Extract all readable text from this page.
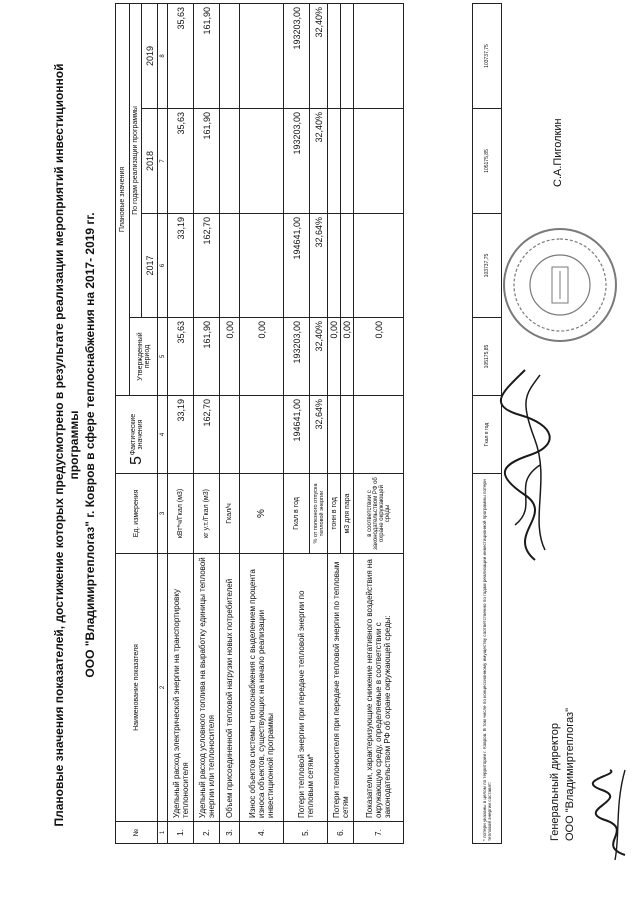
5
Плановые значения показателей, достижение которых предусмотрено в результате реализации мероприятий инвестиционной программы ООО "Владимиртеплогаз" г. Ковров в сфере теплоснабжения на 2017- 2019 гг.
№	Наименование показателя	Ед. измерения	Фактические значения	Плановые значения			
				Утвержденный период	По годам реализации программы		
					2017	2018	2019
1	2	3	4	5	6	7	8
1.	Удельный расход электрической энергии на транспортировку теплоносителя	кВт*ч/Гкал (м3)	33,19	35,63	33,19	35,63	35,63
2.	Удельный расход условного топлива на выработку единицы тепловой энергии или теплоносителя	кг у.т./Гкал (м3)	162,70	161,90	162,70	161,90	161,90
3.	Объем присоединенной тепловой нагрузки новых потребителей	Гкал/ч		0,00			
4.	Износ объектов системы теплоснабжения с выделением процента износа объектов, существующих на начало реализации инвестиционной программы	%		0,00			
5.	Потери тепловой энергии при передаче тепловой энергии по тепловым сетям*	Гкал в год	194641,00	193203,00	194641,00	193203,00	193203,00
		% от полезного отпуска тепловой энергии	32,64%	32,40%	32,64%	32,40%	32,40%
6.	Потери теплоносителя при передаче тепловой энергии по тепловым сетям	тонн в год		0,00			
		м3 для пара		0,00			
7.	Показатели, характеризующие снижение негативного воздействия на окружающую среду, определяемые в соответствии с законодательством РФ об охране окружающей среды:	в соответствии с законодательством РФ об охране окружающей среды		0,00			
* потери указаны в целом по территории г. Ковров. В том числе по концессионному имуществу соответственно по годам реализации инвестиционной программы потери тепловой энергии составят:	Гкал в год	105175,85	103737,75	105175,85	103737,75
Генеральный директор ООО "Владимиртеплогаз"
С.А.Пиголкин
